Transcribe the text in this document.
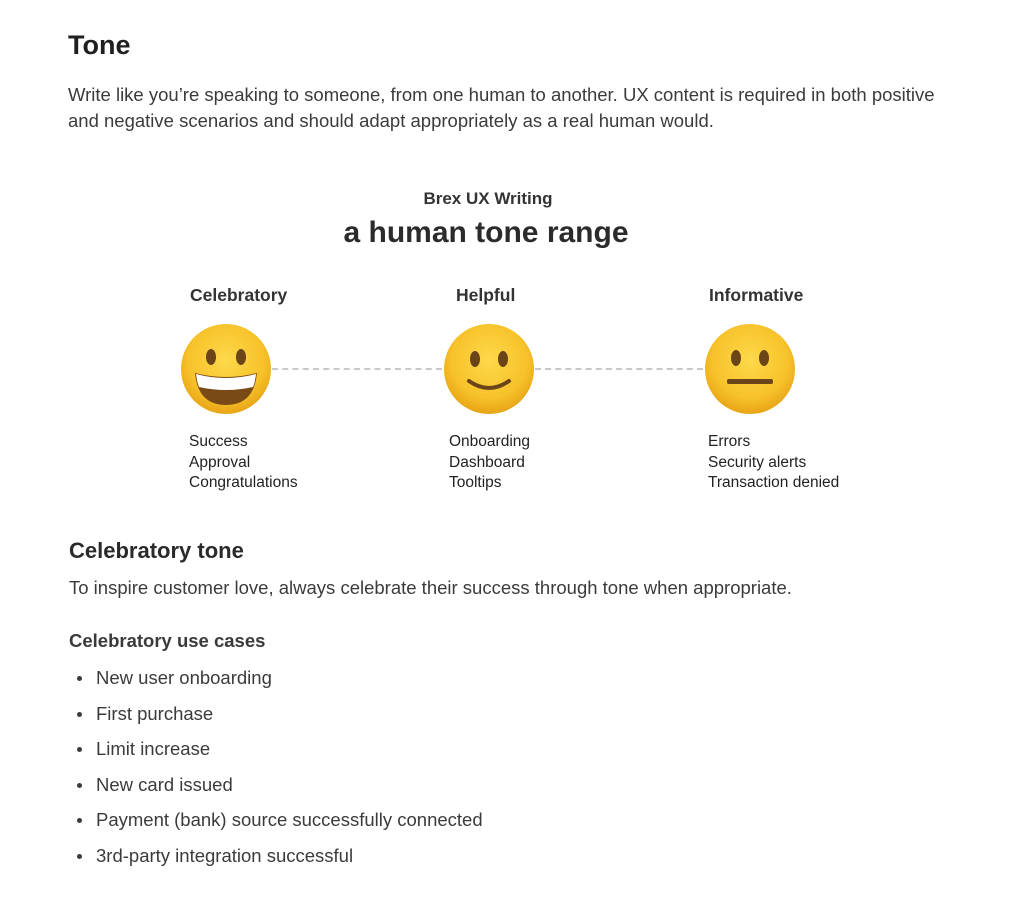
Tone

Write like you’re speaking to someone, from one human to another. UX content is required in both positive and negative scenarios and should adapt appropriately as a real human would.

Brex UX Writing
a human tone range
Celebratory	Helpful	Informative
Success
Approval
Congratulations
Onboarding
Dashboard
Tooltips
Errors
Security alerts
Transaction denied
Celebratory tone

To inspire customer love, always celebrate their success through tone when appropriate.

Celebratory use cases
New user onboarding
First purchase
Limit increase
New card issued
Payment (bank) source successfully connected
3rd-party integration successful
